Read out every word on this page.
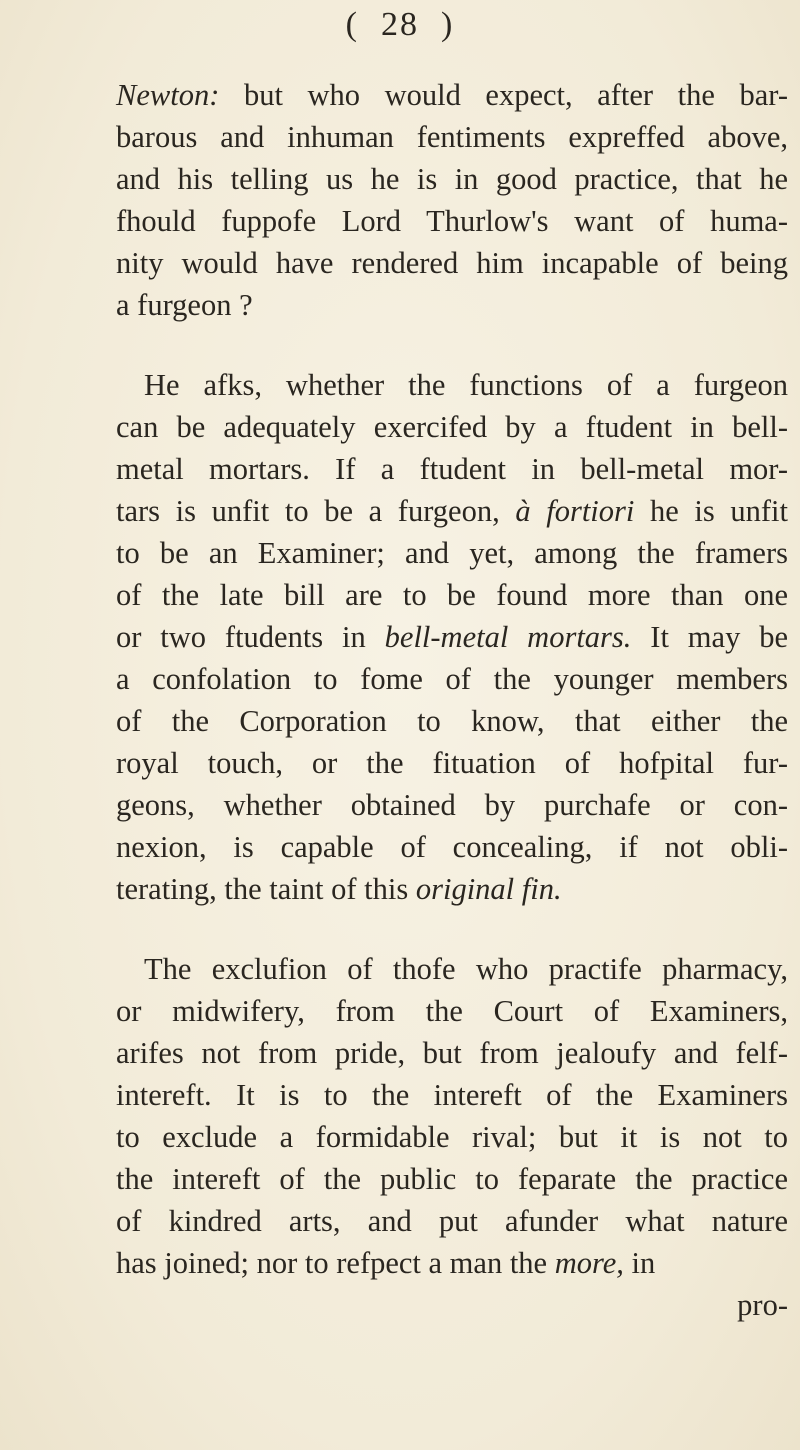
( 28 )
Newton: but who would expect, after the bar-
barous and inhuman fentiments expreffed above,
and his telling us he is in good practice, that he
fhould fuppofe Lord Thurlow's want of huma-
nity would have rendered him incapable of being
a furgeon ?
He afks, whether the functions of a furgeon
can be adequately exercifed by a ftudent in bell-
metal mortars. If a ftudent in bell-metal mor-
tars is unfit to be a furgeon, à fortiori he is unfit
to be an Examiner; and yet, among the framers
of the late bill are to be found more than one
or two ftudents in bell-metal mortars. It may be
a confolation to fome of the younger members
of the Corporation to know, that either the
royal touch, or the fituation of hofpital fur-
geons, whether obtained by purchafe or con-
nexion, is capable of concealing, if not obli-
terating, the taint of this original fin.
The exclufion of thofe who practife pharmacy,
or midwifery, from the Court of Examiners,
arifes not from pride, but from jealoufy and felf-
intereft. It is to the intereft of the Examiners
to exclude a formidable rival; but it is not to
the intereft of the public to feparate the practice
of kindred arts, and put afunder what nature
has joined; nor to refpect a man the more, in
pro-
